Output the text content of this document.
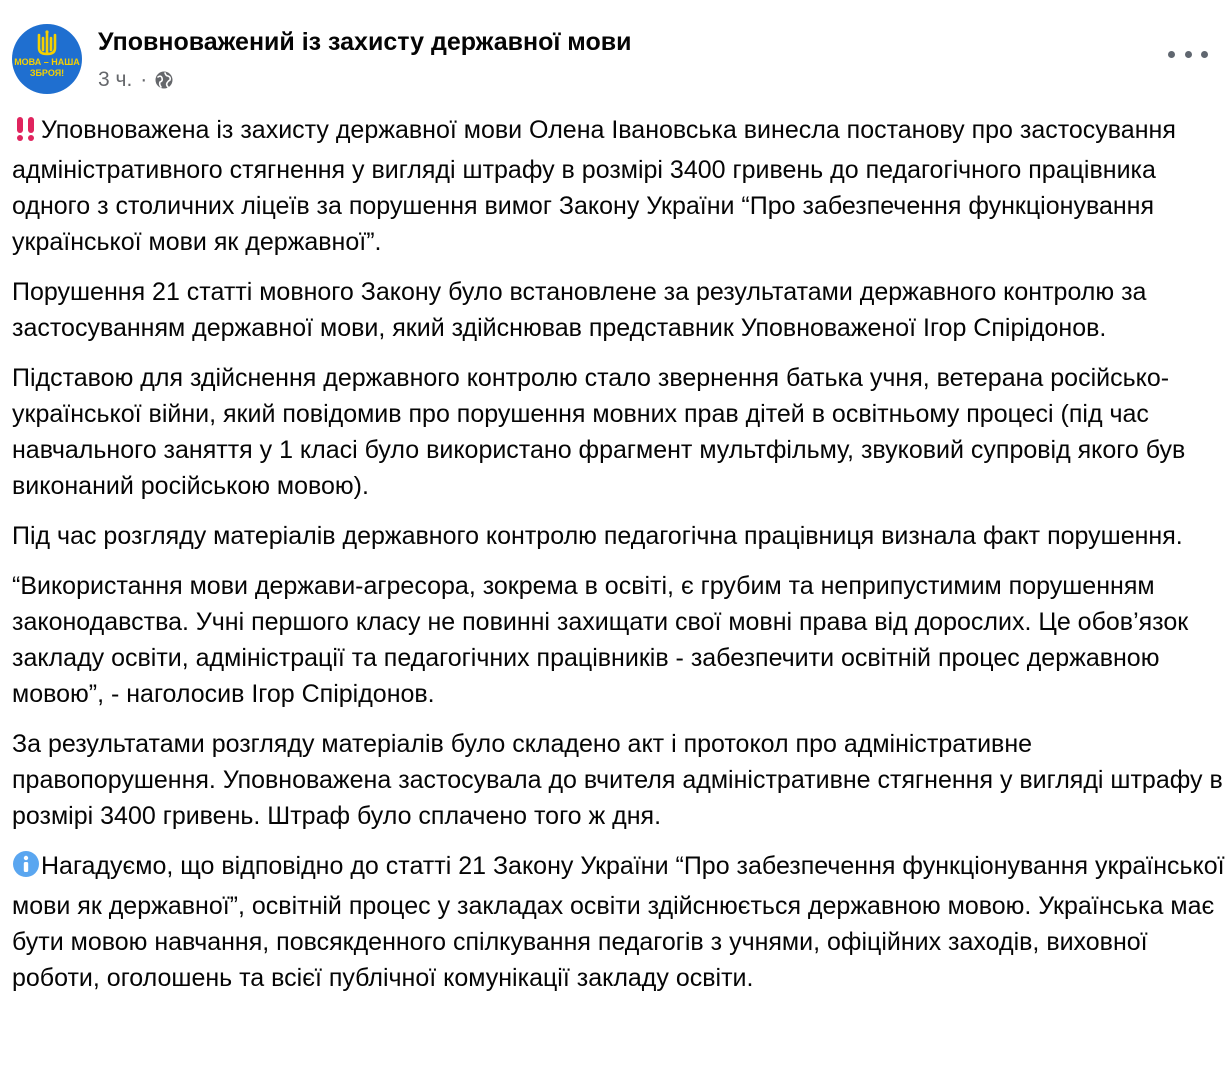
МОВА – НАША
ЗБРОЯ!
Уповноважений із захисту державної мови
3 ч. ·

Уповноважена із захисту державної мови Олена Івановська винесла постанову про застосування адміністративного стягнення у вигляді штрафу в розмірі 3400 гривень до педагогічного працівника одного з столичних ліцеїв за порушення вимог Закону України “Про забезпечення функціонування української мови як державної”.

Порушення 21 статті мовного Закону було встановлене за результатами державного контролю за застосуванням державної мови, який здійснював представник Уповноваженої Ігор Спірідонов.

Підставою для здійснення державного контролю стало звернення батька учня, ветерана російсько-української війни, який повідомив про порушення мовних прав дітей в освітньому процесі (під час навчального заняття у 1 класі було використано фрагмент мультфільму, звуковий супровід якого був виконаний російською мовою).

Під час розгляду матеріалів державного контролю педагогічна працівниця визнала факт порушення.

“Використання мови держави-агресора, зокрема в освіті, є грубим та неприпустимим порушенням законодавства. Учні першого класу не повинні захищати свої мовні права від дорослих. Це обов’язок закладу освіти, адміністрації та педагогічних працівників - забезпечити освітній процес державною мовою”, - наголосив Ігор Спірідонов.

За результатами розгляду матеріалів було складено акт і протокол про адміністративне правопорушення. Уповноважена застосувала до вчителя адміністративне стягнення у вигляді штрафу в розмірі 3400 гривень. Штраф було сплачено того ж дня.

Нагадуємо, що відповідно до статті 21 Закону України “Про забезпечення функціонування української мови як державної”, освітній процес у закладах освіти здійснюється державною мовою. Українська має бути мовою навчання, повсякденного спілкування педагогів з учнями, офіційних заходів, виховної роботи, оголошень та всієї публічної комунікації закладу освіти.
